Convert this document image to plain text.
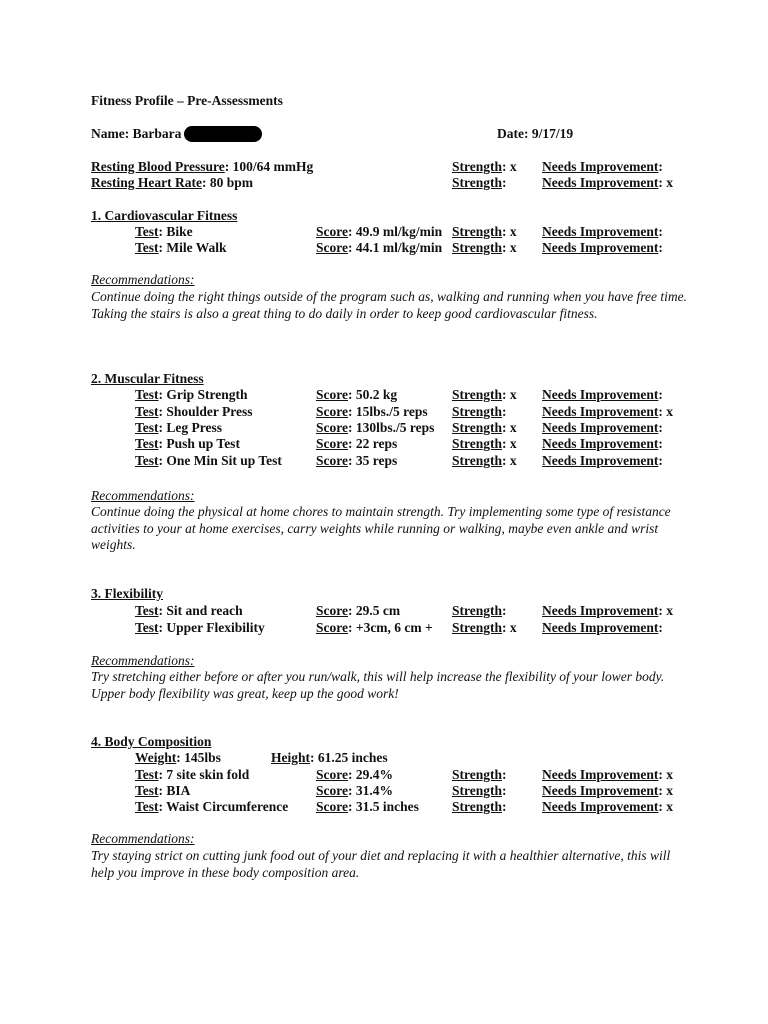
Fitness Profile – Pre-Assessments
Name: Barbara	Date: 9/17/19
Resting Blood Pressure: 100/64 mmHg	Strength: x Needs Improvement:
Resting Heart Rate: 80 bpm	Strength:	Needs Improvement: x
1. Cardiovascular Fitness
Test: Bike	Score: 49.9 ml/kg/min Strength: x Needs Improvement:
Test: Mile Walk	Score: 44.1 ml/kg/min Strength: x Needs Improvement:
Recommendations:
Continue doing the right things outside of the program such as, walking and running when you have free time. Taking the stairs is also a great thing to do daily in order to keep good cardiovascular fitness.
2. Muscular Fitness
Test: Grip Strength	Score: 50.2 kg	Strength: x Needs Improvement:
Test: Shoulder Press	Score: 15lbs./5 reps Strength:	Needs Improvement: x
Test: Leg Press	Score: 130lbs./5 reps Strength: x Needs Improvement:
Test: Push up Test	Score: 22 reps	Strength: x Needs Improvement:
Test: One Min Sit up Test	Score: 35 reps	Strength: x Needs Improvement:
Recommendations:
Continue doing the physical at home chores to maintain strength. Try implementing some type of resistance activities to your at home exercises, carry weights while running or walking, maybe even ankle and wrist weights.
3. Flexibility
Test: Sit and reach	Score: 29.5 cm	Strength:	Needs Improvement: x
Test: Upper Flexibility	Score: +3cm, 6 cm + Strength: x Needs Improvement:
Recommendations:
Try stretching either before or after you run/walk, this will help increase the flexibility of your lower body. Upper body flexibility was great, keep up the good work!
4. Body Composition
Weight: 145lbs	Height: 61.25 inches
Test: 7 site skin fold	Score: 29.4%	Strength:	Needs Improvement: x
Test: BIA	Score: 31.4%	Strength:	Needs Improvement: x
Test: Waist Circumference Score: 31.5 inches Strength:	Needs Improvement: x
Recommendations:
Try staying strict on cutting junk food out of your diet and replacing it with a healthier alternative, this will help you improve in these body composition area.
